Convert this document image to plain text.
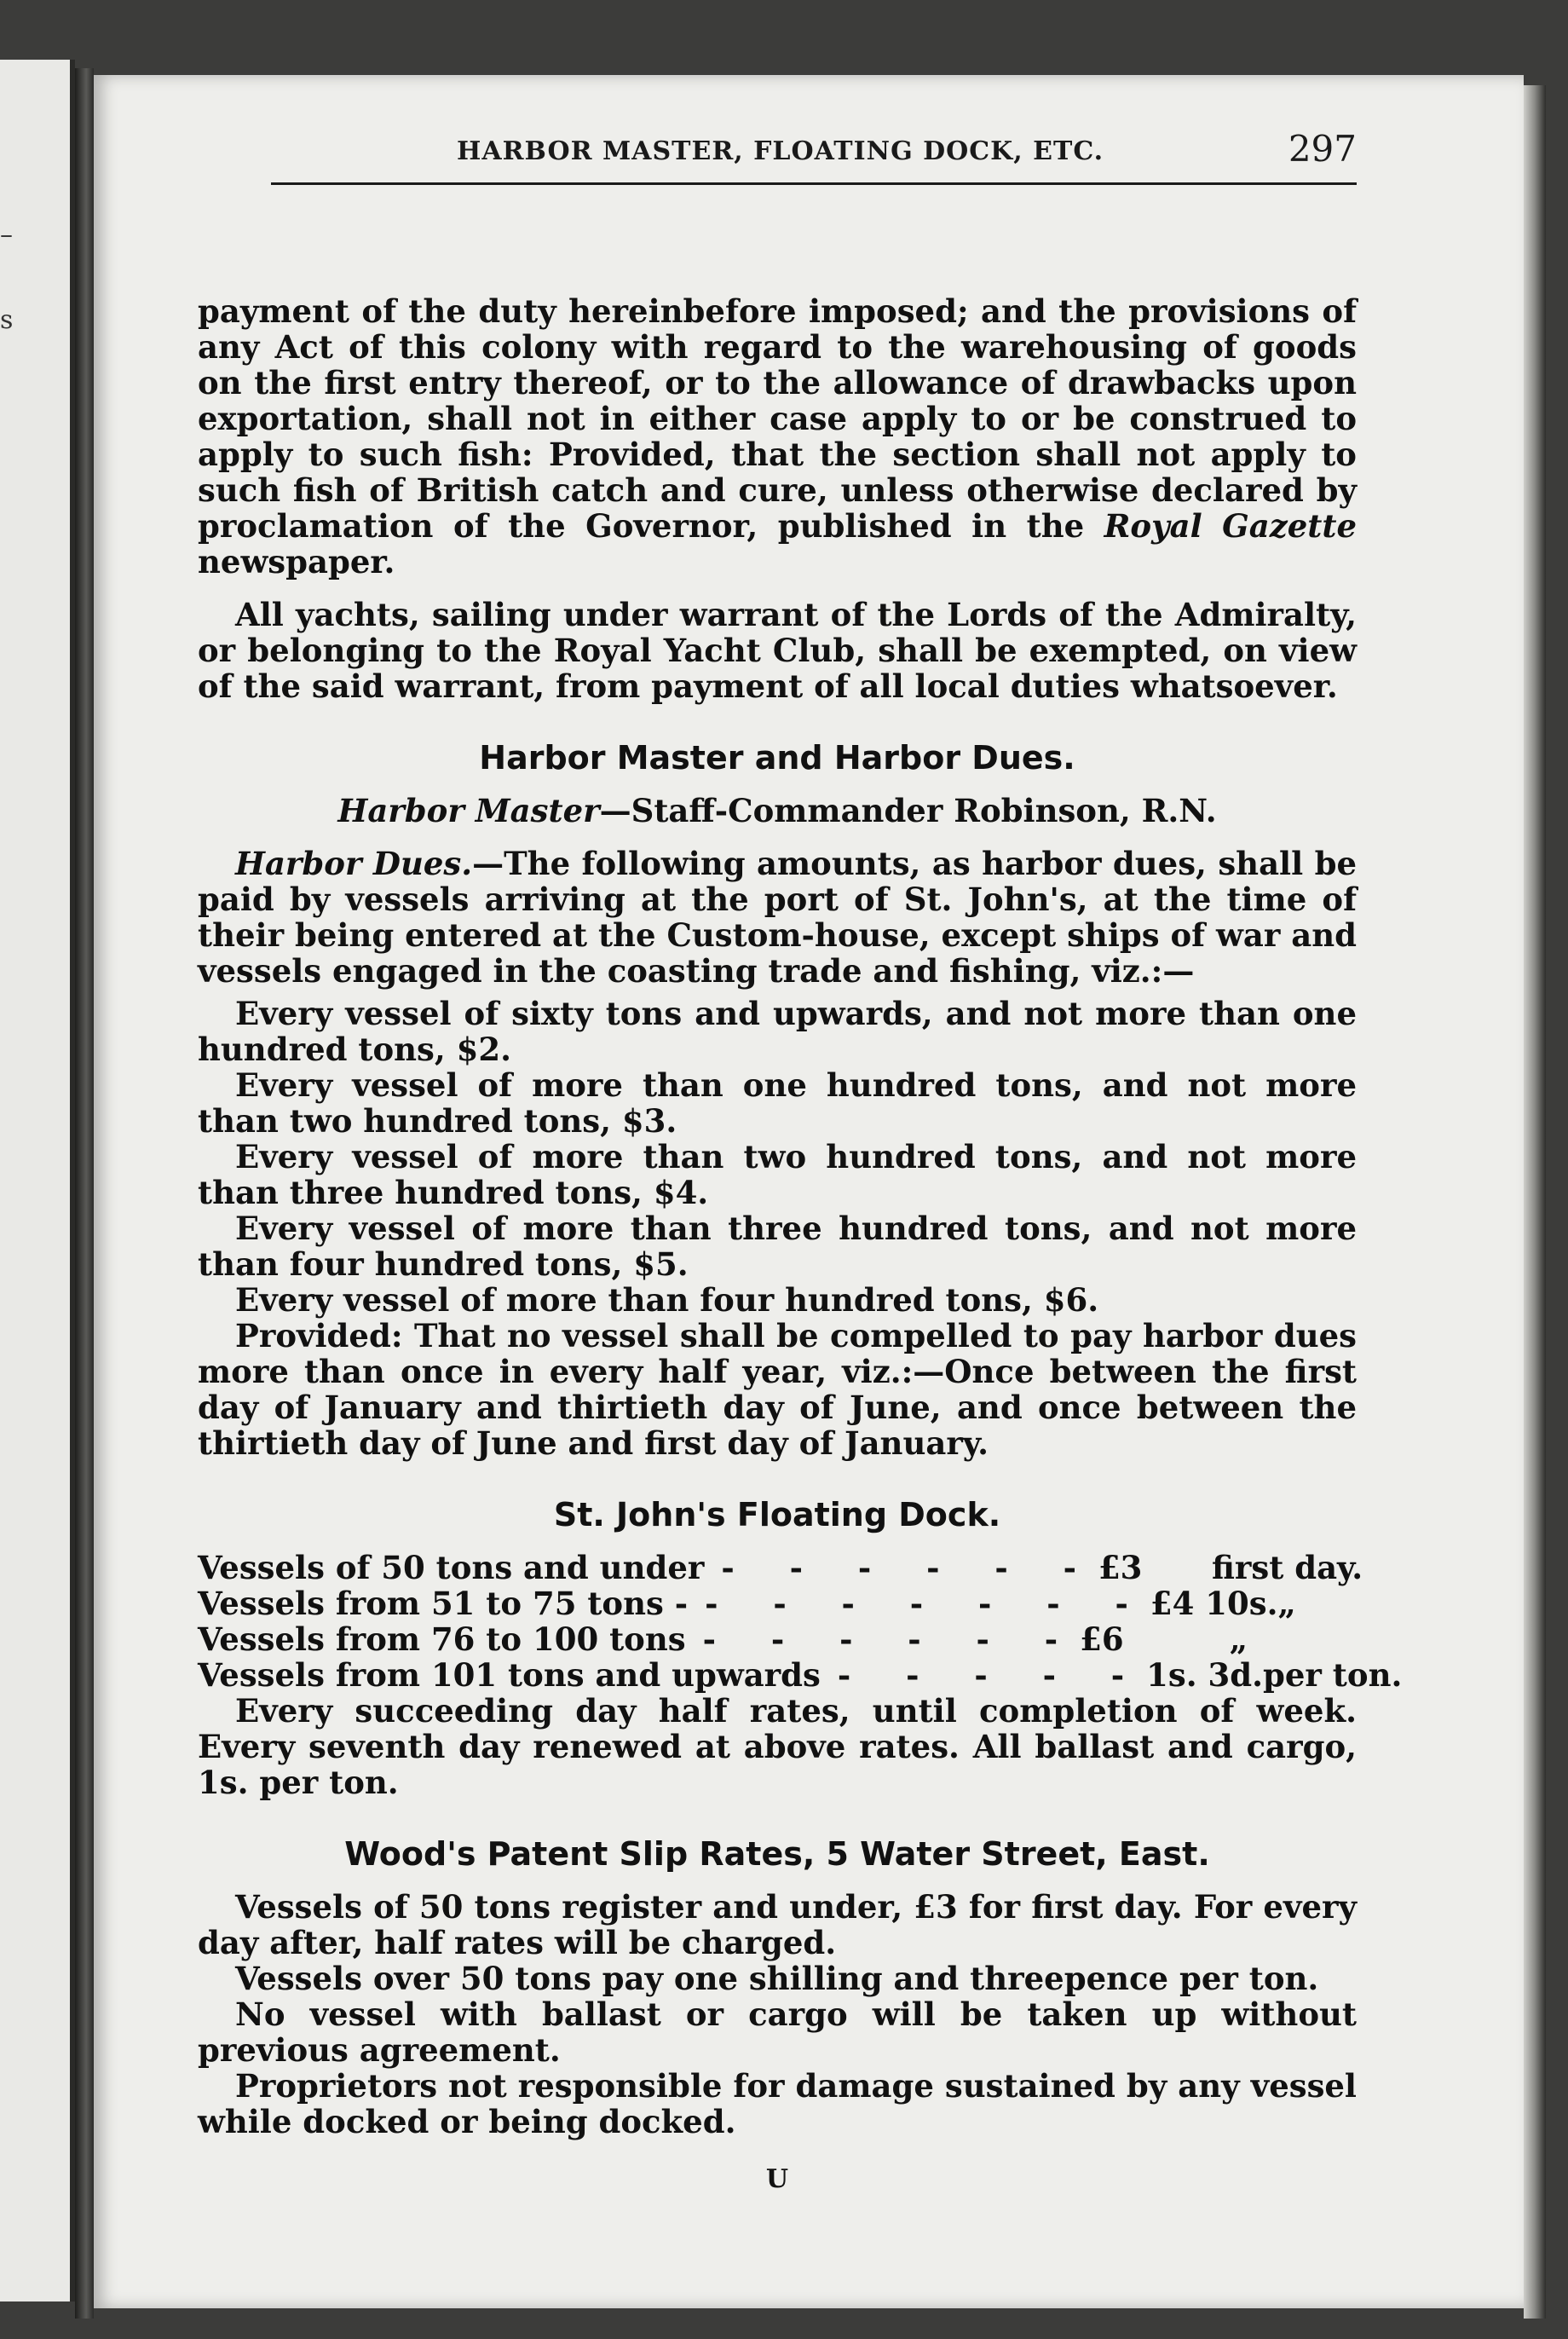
–
s
HARBOR MASTER, FLOATING DOCK, ETC.	297

payment of the duty hereinbefore imposed; and the provisions of any Act of this colony with regard to the warehousing of goods on the first entry thereof, or to the allowance of drawbacks upon exportation, shall not in either case apply to or be construed to apply to such fish: Provided, that the section shall not apply to such fish of British catch and cure, unless otherwise declared by proclamation of the Governor, published in the Royal Gazette newspaper.

All yachts, sailing under warrant of the Lords of the Admiralty, or belonging to the Royal Yacht Club, shall be exempted, on view of the said warrant, from payment of all local duties whatsoever.

Harbor Master and Harbor Dues.

Harbor Master—Staff-Commander Robinson, R.N.

Harbor Dues.—The following amounts, as harbor dues, shall be paid by vessels arriving at the port of St. John's, at the time of their being entered at the Custom-house, except ships of war and vessels engaged in the coasting trade and fishing, viz.:—

Every vessel of sixty tons and upwards, and not more than one hundred tons, $2.

Every vessel of more than one hundred tons, and not more than two hundred tons, $3.

Every vessel of more than two hundred tons, and not more than three hundred tons, $4.

Every vessel of more than three hundred tons, and not more than four hundred tons, $5.

Every vessel of more than four hundred tons, $6.

Provided: That no vessel shall be compelled to pay harbor dues more than once in every half year, viz.:—Once between the first day of January and thirtieth day of June, and once between the thirtieth day of June and first day of January.

St. John's Floating Dock.
Vessels of 50 tons and under - - - - - - £3	first day.
Vessels from 51 to 75 tons - - - - - - - - £4 10s. „
Vessels from 76 to 100 tons - - - - - - £6	„
Vessels from 101 tons and upwards - - - - - 1s. 3d. per ton.

Every succeeding day half rates, until completion of week. Every seventh day renewed at above rates. All ballast and cargo, 1s. per ton.

Wood's Patent Slip Rates, 5 Water Street, East.

Vessels of 50 tons register and under, £3 for first day. For every day after, half rates will be charged.

Vessels over 50 tons pay one shilling and threepence per ton.

No vessel with ballast or cargo will be taken up without previous agreement.

Proprietors not responsible for damage sustained by any vessel while docked or being docked.

U
